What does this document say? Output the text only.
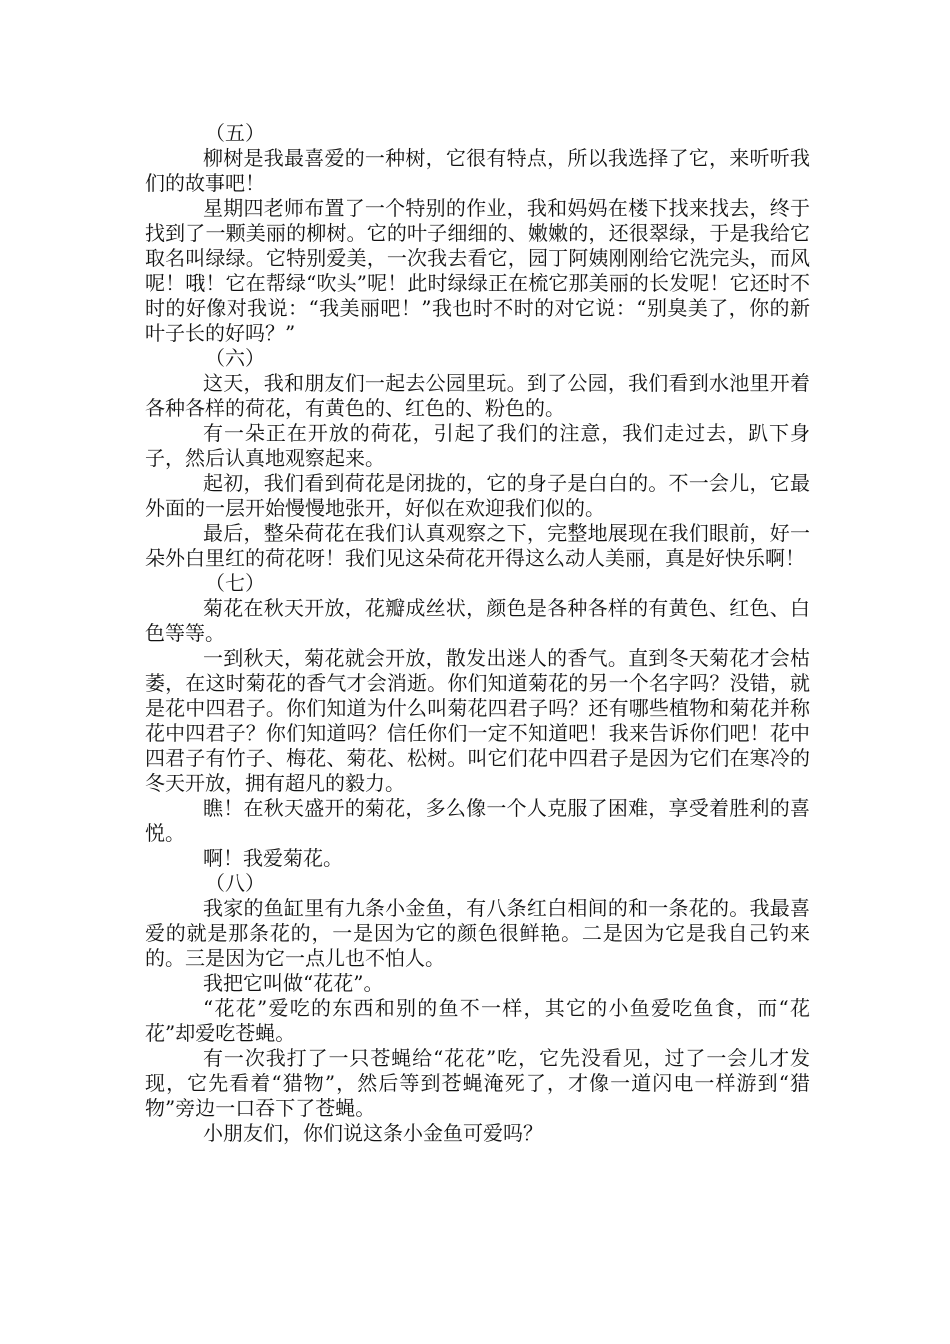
（五）

柳树是我最喜爱的一种树，它很有特点，所以我选择了它，来听听我们的故事吧！

星期四老师布置了一个特别的作业，我和妈妈在楼下找来找去，终于找到了一颗美丽的柳树。它的叶子细细的、嫩嫩的，还很翠绿，于是我给它取名叫绿绿。它特别爱美，一次我去看它，园丁阿姨刚刚给它洗完头，而风呢！哦！它在帮绿“吹头”呢！此时绿绿正在梳它那美丽的长发呢！它还时不时的好像对我说：“我美丽吧！”我也时不时的对它说：“别臭美了，你的新叶子长的好吗？”

（六）

这天，我和朋友们一起去公园里玩。到了公园，我们看到水池里开着各种各样的荷花，有黄色的、红色的、粉色的。

有一朵正在开放的荷花，引起了我们的注意，我们走过去，趴下身子，然后认真地观察起来。

起初，我们看到荷花是闭拢的，它的身子是白白的。不一会儿，它最外面的一层开始慢慢地张开，好似在欢迎我们似的。

最后，整朵荷花在我们认真观察之下，完整地展现在我们眼前，好一朵外白里红的荷花呀！我们见这朵荷花开得这么动人美丽，真是好快乐啊！

（七）

菊花在秋天开放，花瓣成丝状，颜色是各种各样的有黄色、红色、白色等等。

一到秋天，菊花就会开放，散发出迷人的香气。直到冬天菊花才会枯萎，在这时菊花的香气才会消逝。你们知道菊花的另一个名字吗？没错，就是花中四君子。你们知道为什么叫菊花四君子吗？还有哪些植物和菊花并称花中四君子？你们知道吗？信任你们一定不知道吧！我来告诉你们吧！花中四君子有竹子、梅花、菊花、松树。叫它们花中四君子是因为它们在寒冷的冬天开放，拥有超凡的毅力。

瞧！在秋天盛开的菊花，多么像一个人克服了困难，享受着胜利的喜悦。

啊！我爱菊花。

（八）

我家的鱼缸里有九条小金鱼，有八条红白相间的和一条花的。我最喜爱的就是那条花的，一是因为它的颜色很鲜艳。二是因为它是我自己钓来的。三是因为它一点儿也不怕人。

我把它叫做“花花”。

“花花”爱吃的东西和别的鱼不一样，其它的小鱼爱吃鱼食，而“花花”却爱吃苍蝇。

有一次我打了一只苍蝇给“花花”吃，它先没看见，过了一会儿才发现，它先看着“猎物”，然后等到苍蝇淹死了，才像一道闪电一样游到“猎物”旁边一口吞下了苍蝇。

小朋友们，你们说这条小金鱼可爱吗？
